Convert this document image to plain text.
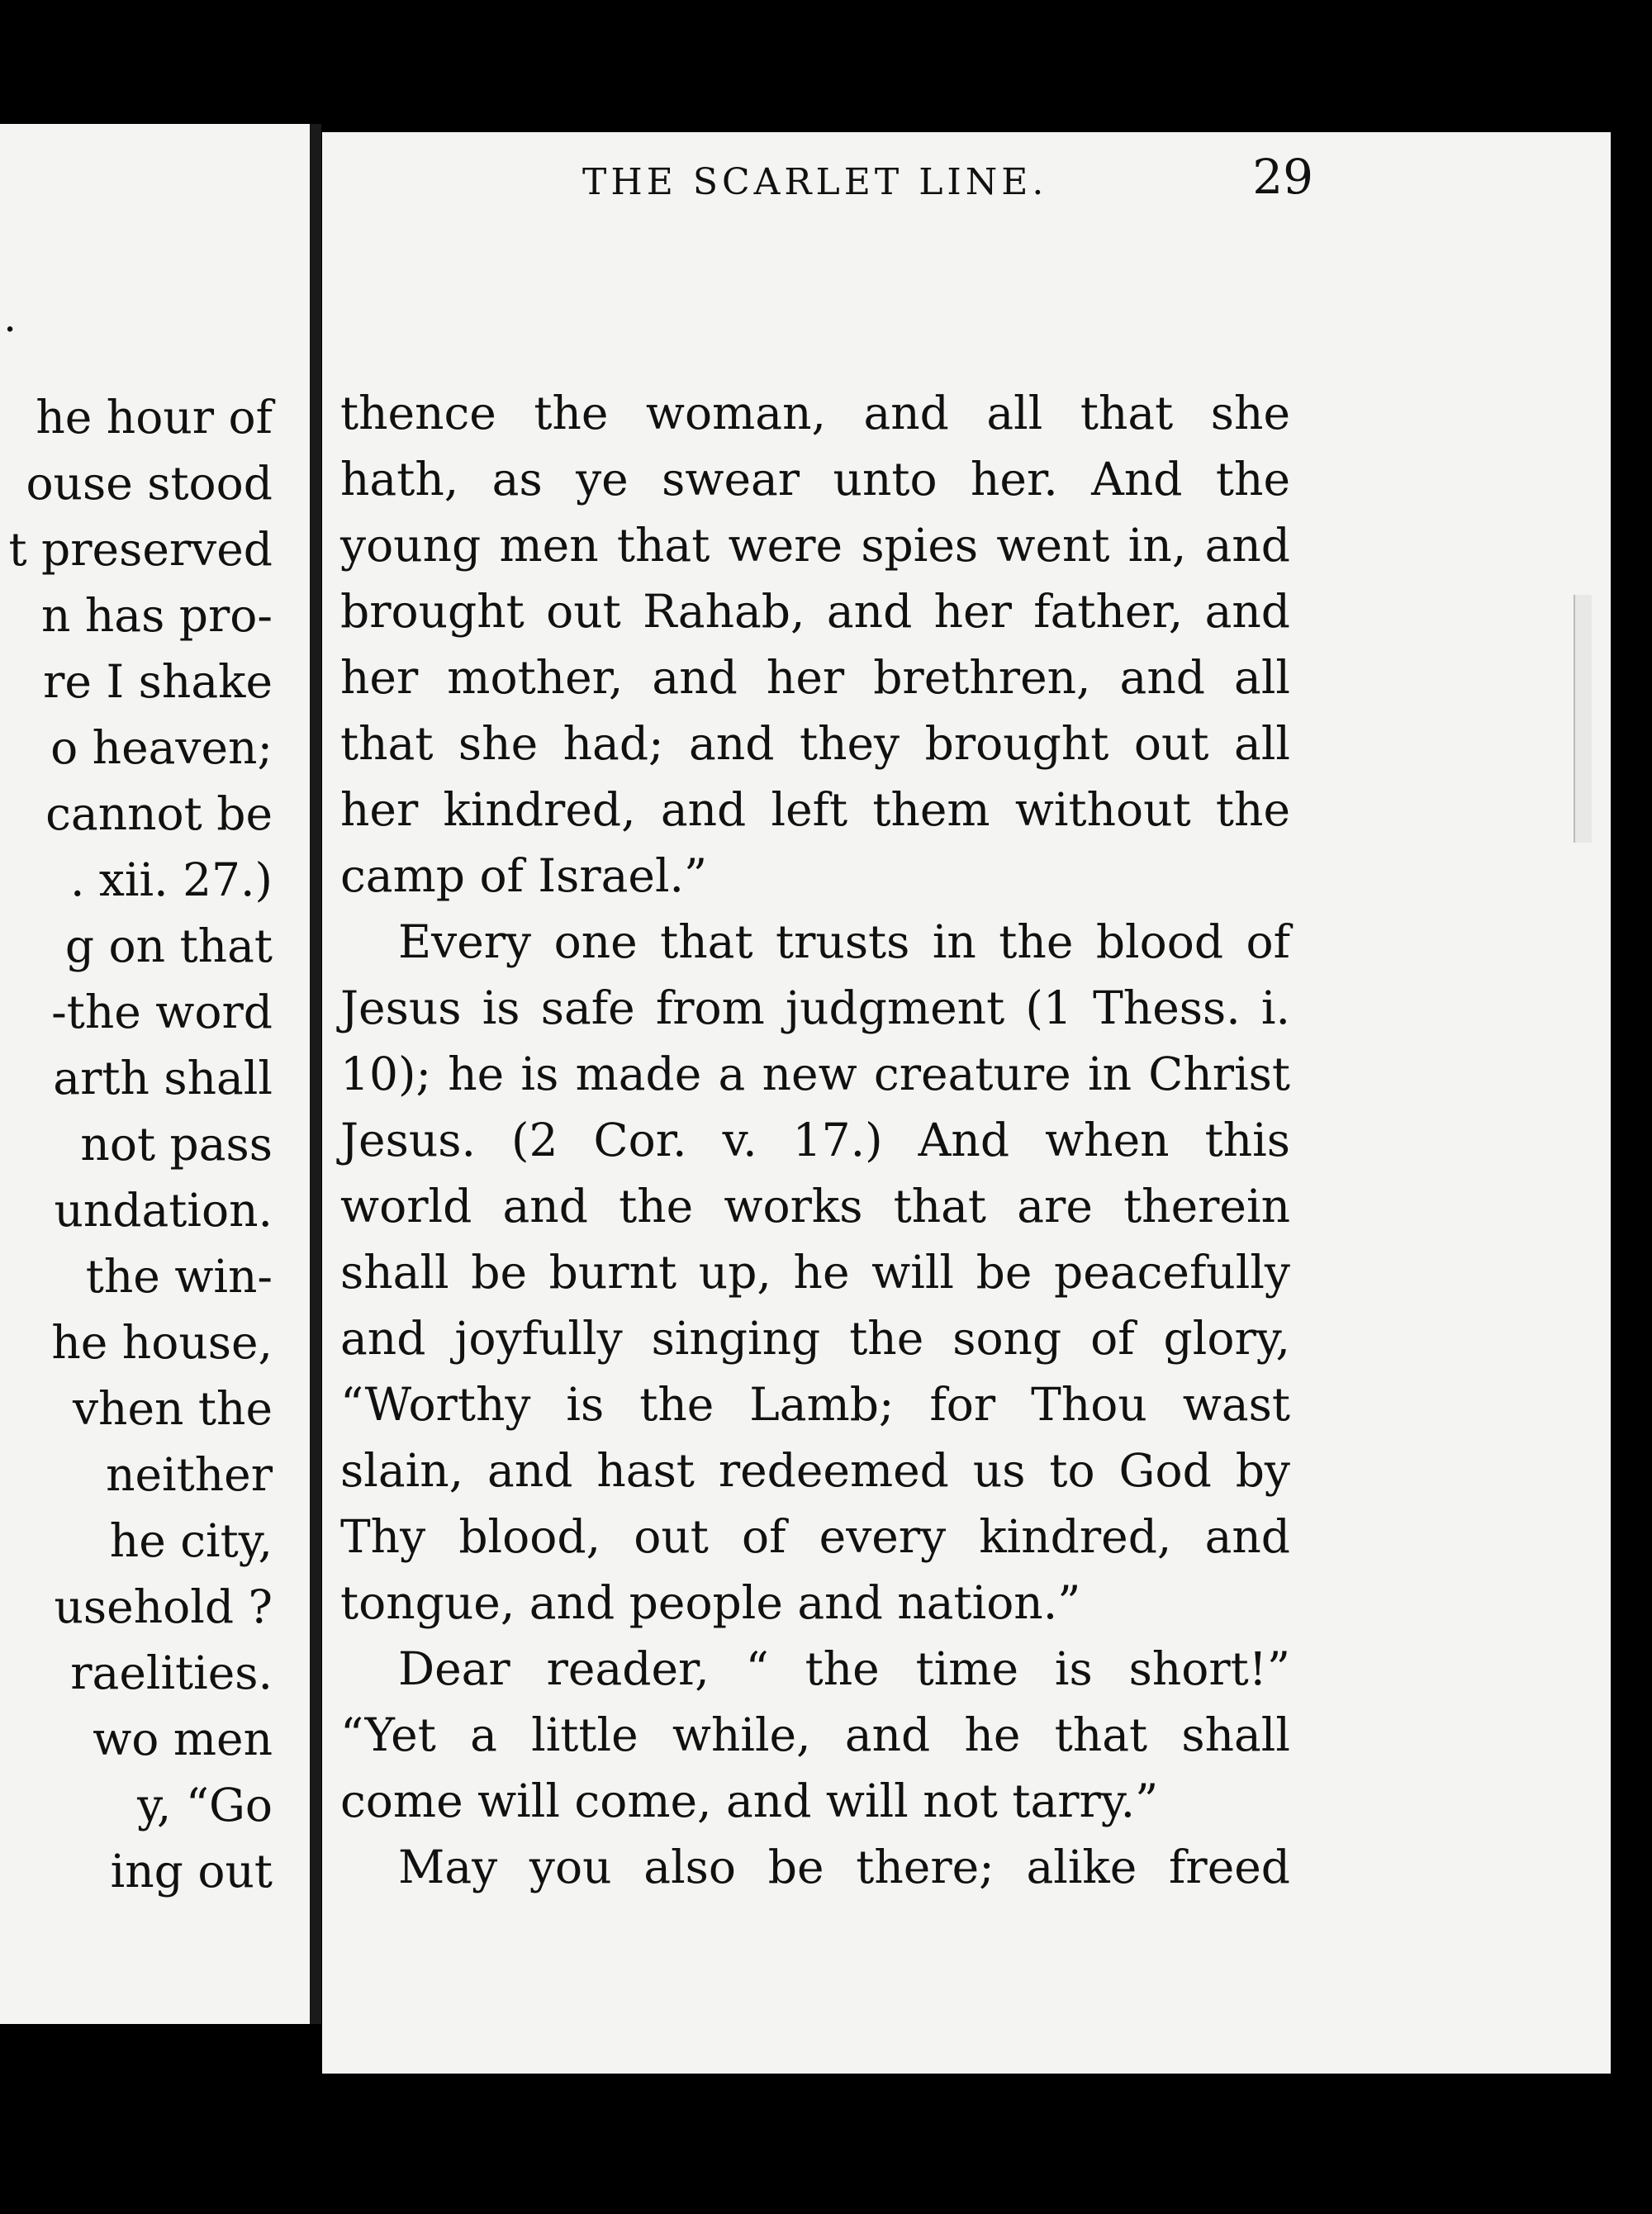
.
he hour of
ouse stood
t preserved
n has pro-
re I shake
o heaven;
cannot be
. xii. 27.)
g on that
-the word
arth shall
not pass
undation.
the win-
he house,
vhen the
neither
he city,
usehold ?
raelities.
wo men
y, “Go
ing out
THE SCARLET LINE.	29
thence the woman, and all that she
hath, as ye swear unto her. And the
young men that were spies went in, and
brought out Rahab, and her father, and
her mother, and her brethren, and all
that she had; and they brought out all
her kindred, and left them without the
camp of Israel.”
Every one that trusts in the blood of
Jesus is safe from judgment (1 Thess. i.
10); he is made a new creature in Christ
Jesus. (2 Cor. v. 17.) And when this
world and the works that are therein
shall be burnt up, he will be peacefully
and joyfully singing the song of glory,
“Worthy is the Lamb; for Thou wast
slain, and hast redeemed us to God by
Thy blood, out of every kindred, and
tongue, and people and nation.”
Dear reader, “ the time is short!”
“Yet a little while, and he that shall
come will come, and will not tarry.”
May you also be there; alike freed
